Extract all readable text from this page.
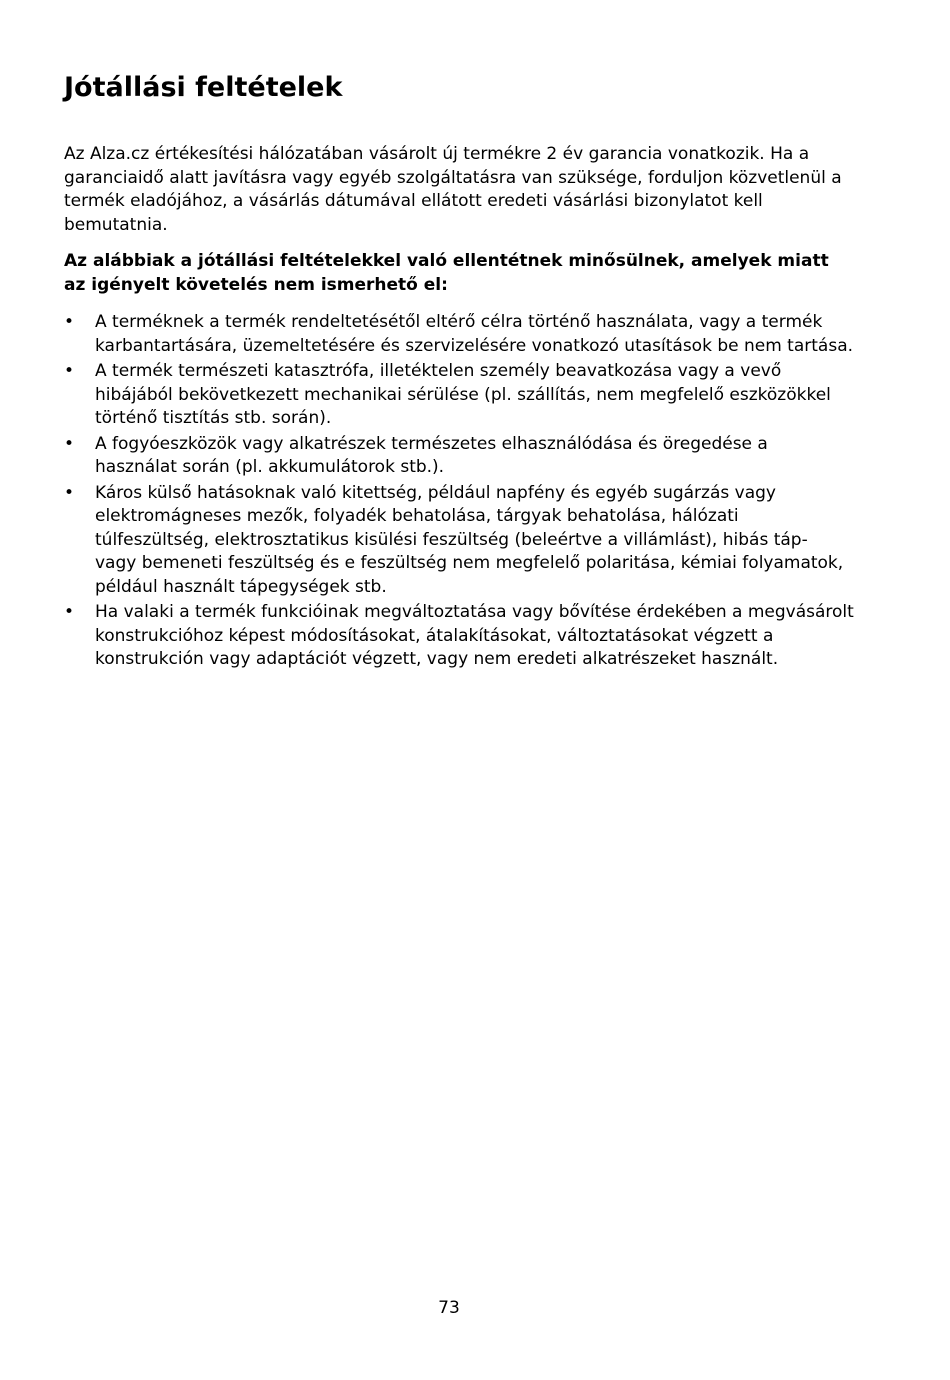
Jótállási feltételek

Az Alza.cz értékesítési hálózatában vásárolt új termékre 2 év garancia vonatkozik. Ha a garanciaidő alatt javításra vagy egyéb szolgáltatásra van szüksége, forduljon közvetlenül a termék eladójához, a vásárlás dátumával ellátott eredeti vásárlási bizonylatot kell bemutatnia.

Az alábbiak a jótállási feltételekkel való ellentétnek minősülnek, amelyek miatt az igényelt követelés nem ismerhető el:

• A terméknek a termék rendeltetésétől eltérő célra történő használata, vagy a termék karbantartására, üzemeltetésére és szervizelésére vonatkozó utasítások be nem tartása.
• A termék természeti katasztrófa, illetéktelen személy beavatkozása vagy a vevő hibájából bekövetkezett mechanikai sérülése (pl. szállítás, nem megfelelő eszközökkel történő tisztítás stb. során).
• A fogyóeszközök vagy alkatrészek természetes elhasználódása és öregedése a használat során (pl. akkumulátorok stb.).
• Káros külső hatásoknak való kitettség, például napfény és egyéb sugárzás vagy elektromágneses mezők, folyadék behatolása, tárgyak behatolása, hálózati túlfeszültség, elektrosztatikus kisülési feszültség (beleértve a villámlást), hibás táp- vagy bemeneti feszültség és e feszültség nem megfelelő polaritása, kémiai folyamatok, például használt tápegységek stb.
• Ha valaki a termék funkcióinak megváltoztatása vagy bővítése érdekében a megvásárolt konstrukcióhoz képest módosításokat, átalakításokat, változtatásokat végzett a konstrukción vagy adaptációt végzett, vagy nem eredeti alkatrészeket használt.
73
